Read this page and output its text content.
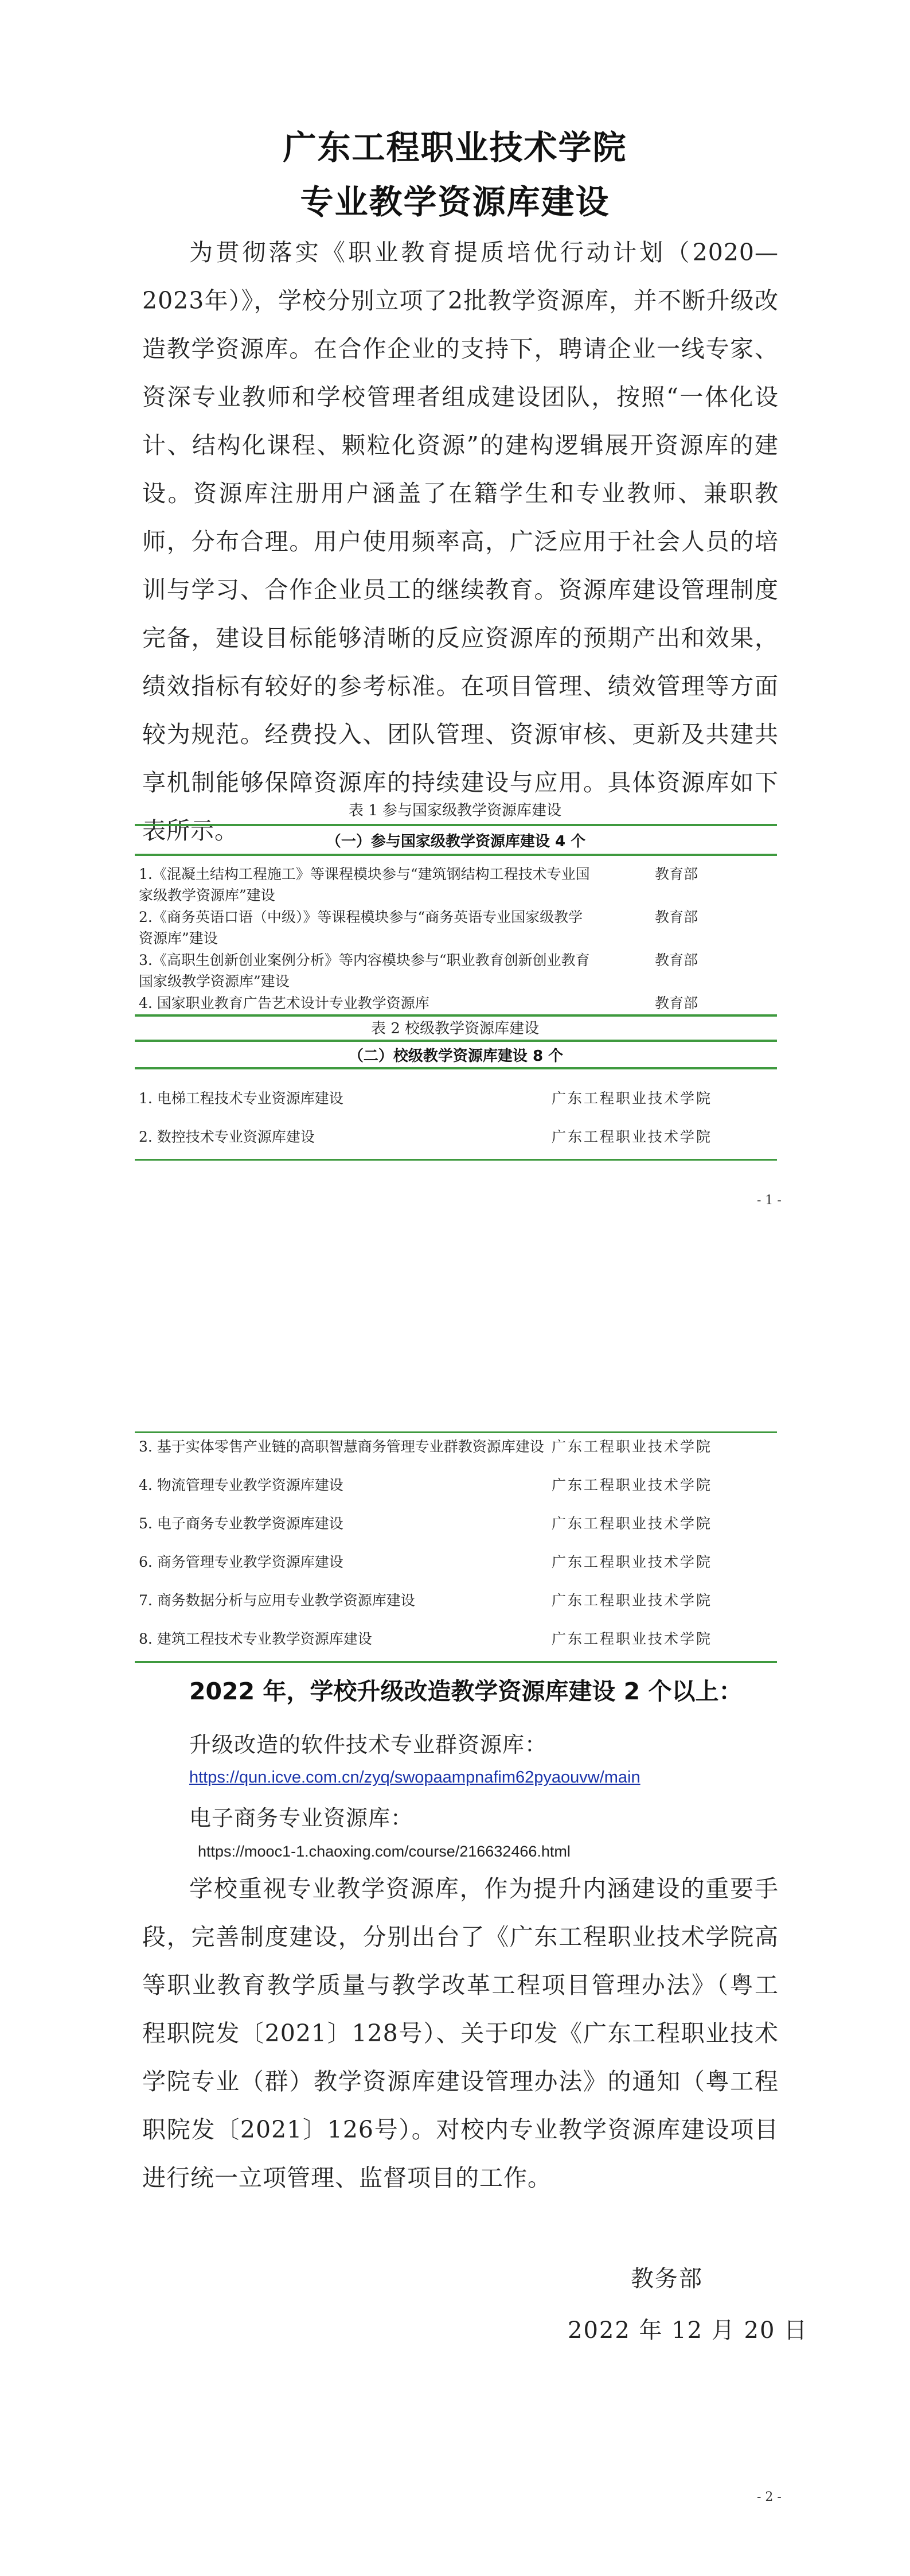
广东工程职业技术学院
专业教学资源库建设

为贯彻落实《职业教育提质培优行动计划（2020—2023年）》，学校分别立项了2批教学资源库，并不断升级改造教学资源库。在合作企业的支持下，聘请企业一线专家、资深专业教师和学校管理者组成建设团队，按照“一体化设计、结构化课程、颗粒化资源”的建构逻辑展开资源库的建设。资源库注册用户涵盖了在籍学生和专业教师、兼职教师，分布合理。用户使用频率高，广泛应用于社会人员的培训与学习、合作企业员工的继续教育。资源库建设管理制度完备，建设目标能够清晰的反应资源库的预期产出和效果，绩效指标有较好的参考标准。在项目管理、绩效管理等方面较为规范。经费投入、团队管理、资源审核、更新及共建共享机制能够保障资源库的持续建设与应用。具体资源库如下表所示。

表 1 参与国家级教学资源库建设
（一）参与国家级教学资源库建设 4 个
1.《混凝土结构工程施工》等课程模块参与“建筑钢结构工程技术专业国家级教学资源库”建设
教育部
2.《商务英语口语（中级）》等课程模块参与“商务英语专业国家级教学资源库”建设
教育部
3.《高职生创新创业案例分析》等内容模块参与“职业教育创新创业教育国家级教学资源库”建设
教育部
4. 国家职业教育广告艺术设计专业教学资源库	教育部
表 2 校级教学资源库建设
（二）校级教学资源库建设 8 个
1. 电梯工程技术专业资源库建设	广东工程职业技术学院
2. 数控技术专业资源库建设	广东工程职业技术学院
- 1 -
3. 基于实体零售产业链的高职智慧商务管理专业群教资源库建设 广东工程职业技术学院
4. 物流管理专业教学资源库建设	广东工程职业技术学院
5. 电子商务专业教学资源库建设	广东工程职业技术学院
6. 商务管理专业教学资源库建设	广东工程职业技术学院
7. 商务数据分析与应用专业教学资源库建设	广东工程职业技术学院
8. 建筑工程技术专业教学资源库建设	广东工程职业技术学院
2022 年，学校升级改造教学资源库建设 2 个以上：
升级改造的软件技术专业群资源库：
https://qun.icve.com.cn/zyq/swopaampnafim62pyaouvw/main
电子商务专业资源库：
https://mooc1-1.chaoxing.com/course/216632466.html

学校重视专业教学资源库，作为提升内涵建设的重要手段，完善制度建设，分别出台了《广东工程职业技术学院高等职业教育教学质量与教学改革工程项目管理办法》（粤工程职院发〔2021〕128号）、关于印发《广东工程职业技术学院专业（群）教学资源库建设管理办法》的通知（粤工程职院发〔2021〕126号）。对校内专业教学资源库建设项目进行统一立项管理、监督项目的工作。

教务部
2022 年 12 月 20 日
- 2 -
